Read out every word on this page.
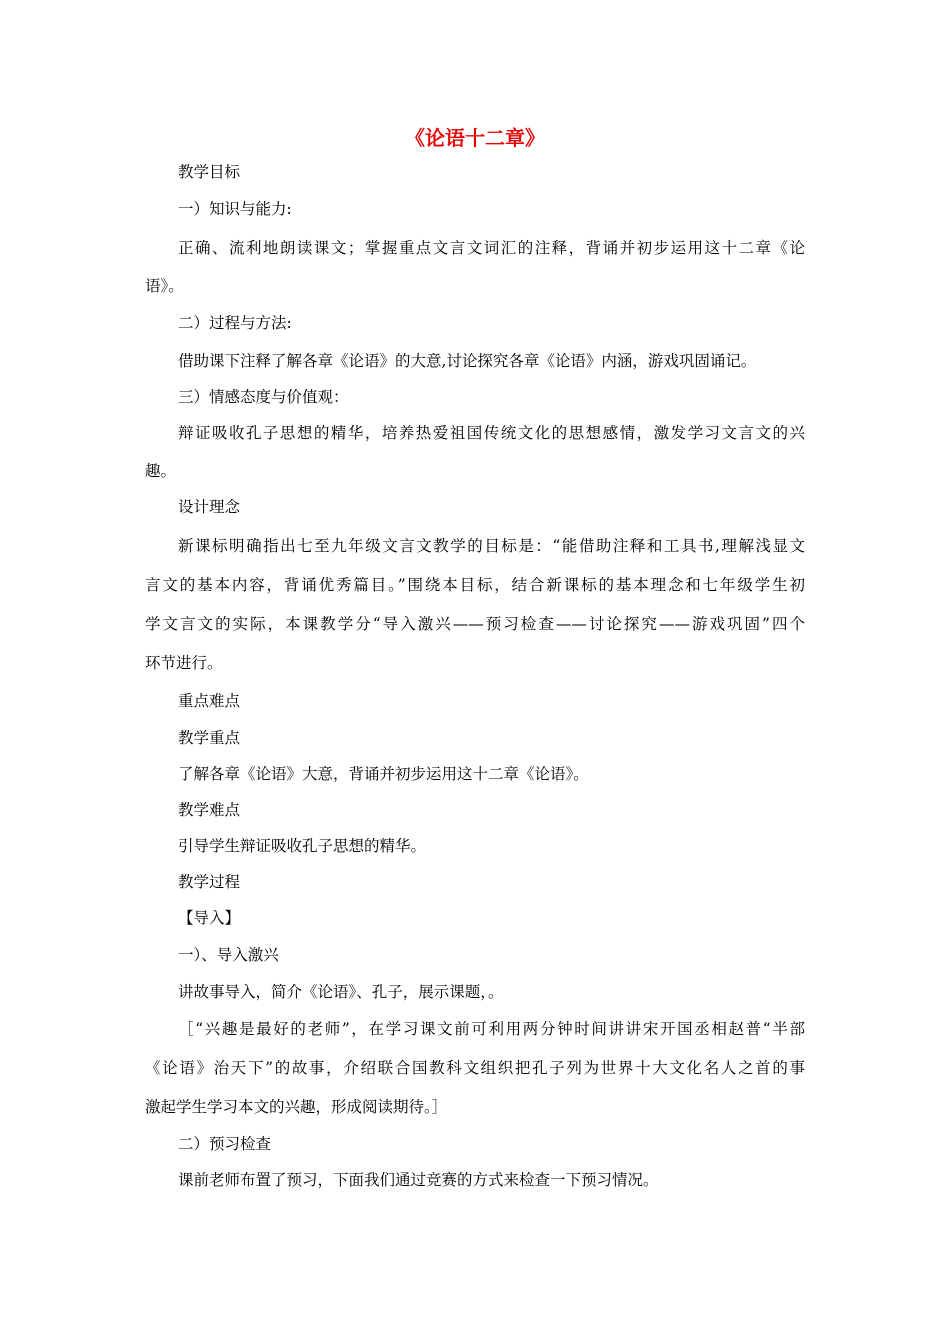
《论语十二章》
教学目标
一）知识与能力:
正确、流利地朗读课文；掌握重点文言文词汇的注释，背诵并初步运用这十二章《论
语》。
二）过程与方法:
借助课下注释了解各章《论语》的大意,讨论探究各章《论语》内涵，游戏巩固诵记。
三）情感态度与价值观：
辩证吸收孔子思想的精华，培养热爱祖国传统文化的思想感情，激发学习文言文的兴
趣。
设计理念
新课标明确指出七至九年级文言文教学的目标是：“能借助注释和工具书,理解浅显文
言文的基本内容，背诵优秀篇目。”围绕本目标，结合新课标的基本理念和七年级学生初
学文言文的实际，本课教学分“导入激兴——预习检查——讨论探究——游戏巩固”四个
环节进行。
重点难点
教学重点
了解各章《论语》大意，背诵并初步运用这十二章《论语》。
教学难点
引导学生辩证吸收孔子思想的精华。
教学过程
【导入】
一）、导入激兴
讲故事导入，简介《论语》、孔子，展示课题，。
［“兴趣是最好的老师”，在学习课文前可利用两分钟时间讲讲宋开国丞相赵普“半部
《论语》治天下”的故事，介绍联合国教科文组织把孔子列为世界十大文化名人之首的事
激起学生学习本文的兴趣，形成阅读期待。］
二）预习检查
课前老师布置了预习，下面我们通过竞赛的方式来检查一下预习情况。
